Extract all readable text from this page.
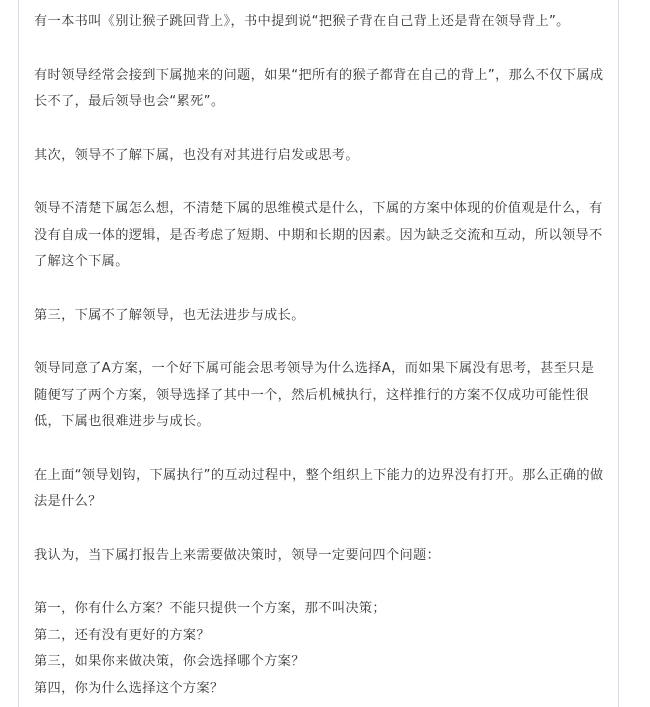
有一本书叫《别让猴子跳回背上》，书中提到说“把猴子背在自己背上还是背在领导背上”。

有时领导经常会接到下属抛来的问题，如果“把所有的猴子都背在自己的背上”，那么不仅下属成长不了，最后领导也会“累死”。

其次，领导不了解下属，也没有对其进行启发或思考。

领导不清楚下属怎么想，不清楚下属的思维模式是什么，下属的方案中体现的价值观是什么，有没有自成一体的逻辑，是否考虑了短期、中期和长期的因素。因为缺乏交流和互动，所以领导不了解这个下属。

第三，下属不了解领导，也无法进步与成长。

领导同意了A方案，一个好下属可能会思考领导为什么选择A，而如果下属没有思考，甚至只是随便写了两个方案，领导选择了其中一个，然后机械执行，这样推行的方案不仅成功可能性很低，下属也很难进步与成长。

在上面“领导划钩，下属执行”的互动过程中，整个组织上下能力的边界没有打开。那么正确的做法是什么？

我认为，当下属打报告上来需要做决策时，领导一定要问四个问题：

第一，你有什么方案？不能只提供一个方案，那不叫决策；

第二，还有没有更好的方案？

第三，如果你来做决策，你会选择哪个方案？

第四，你为什么选择这个方案？
